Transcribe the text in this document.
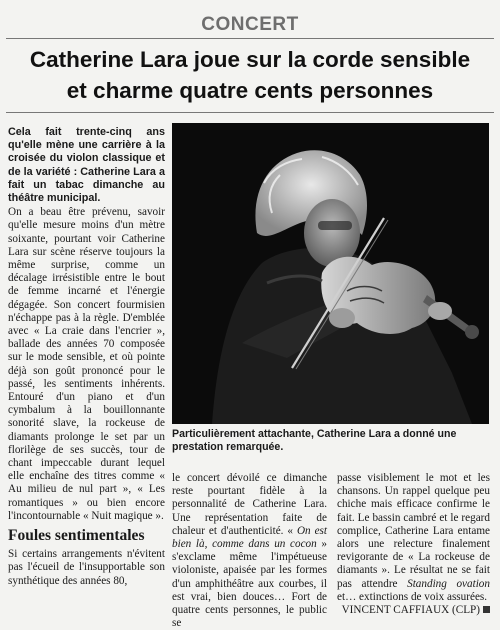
CONCERT
Catherine Lara joue sur la corde sensible
et charme quatre cents personnes

Cela fait trente-cinq ans qu'elle mène une carrière à la croisée du violon classique et de la variété : Catherine Lara a fait un tabac dimanche au théâtre municipal.

On a beau être prévenu, savoir qu'elle mesure moins d'un mètre soixante, pourtant voir Catherine Lara sur scène réserve toujours la même surprise, comme un décalage irrésistible entre le bout de femme incarné et l'énergie dégagée. Son concert fourmisien n'échappe pas à la règle. D'emblée avec « La craie dans l'encrier », ballade des années 70 composée sur le mode sensible, et où pointe déjà son goût prononcé pour le passé, les sentiments inhérents. Entouré d'un piano et d'un cymbalum à la bouillonnante sonorité slave, la rockeuse de diamants prolonge le set par un florilège de ses succès, tour de chant impeccable durant lequel elle enchaîne des titres comme « Au milieu de nul part », « Les romantiques » ou bien encore l'incontournable « Nuit magique ».

Foules sentimentales

Si certains arrangements n'évitent pas l'écueil de l'insupportable son synthétique des années 80,

Particulièrement attachante, Catherine Lara a donné une prestation remarquée.

le concert dévoilé ce dimanche reste pourtant fidèle à la personnalité de Catherine Lara. Une représentation faite de chaleur et d'authenticité. « On est bien là, comme dans un cocon » s'exclame même l'impétueuse violoniste, apaisée par les formes d'un amphithéâtre aux courbes, il est vrai, bien douces… Fort de quatre cents personnes, le public se

passe visiblement le mot et les chansons. Un rappel quelque peu chiche mais efficace confirme le fait. Le bassin cambré et le regard complice, Catherine Lara entame alors une relecture finalement revigorante de « La rockeuse de diamants ». Le résultat ne se fait pas attendre Standing ovation et… extinctions de voix assurées.

VINCENT CAFFIAUX (CLP)
